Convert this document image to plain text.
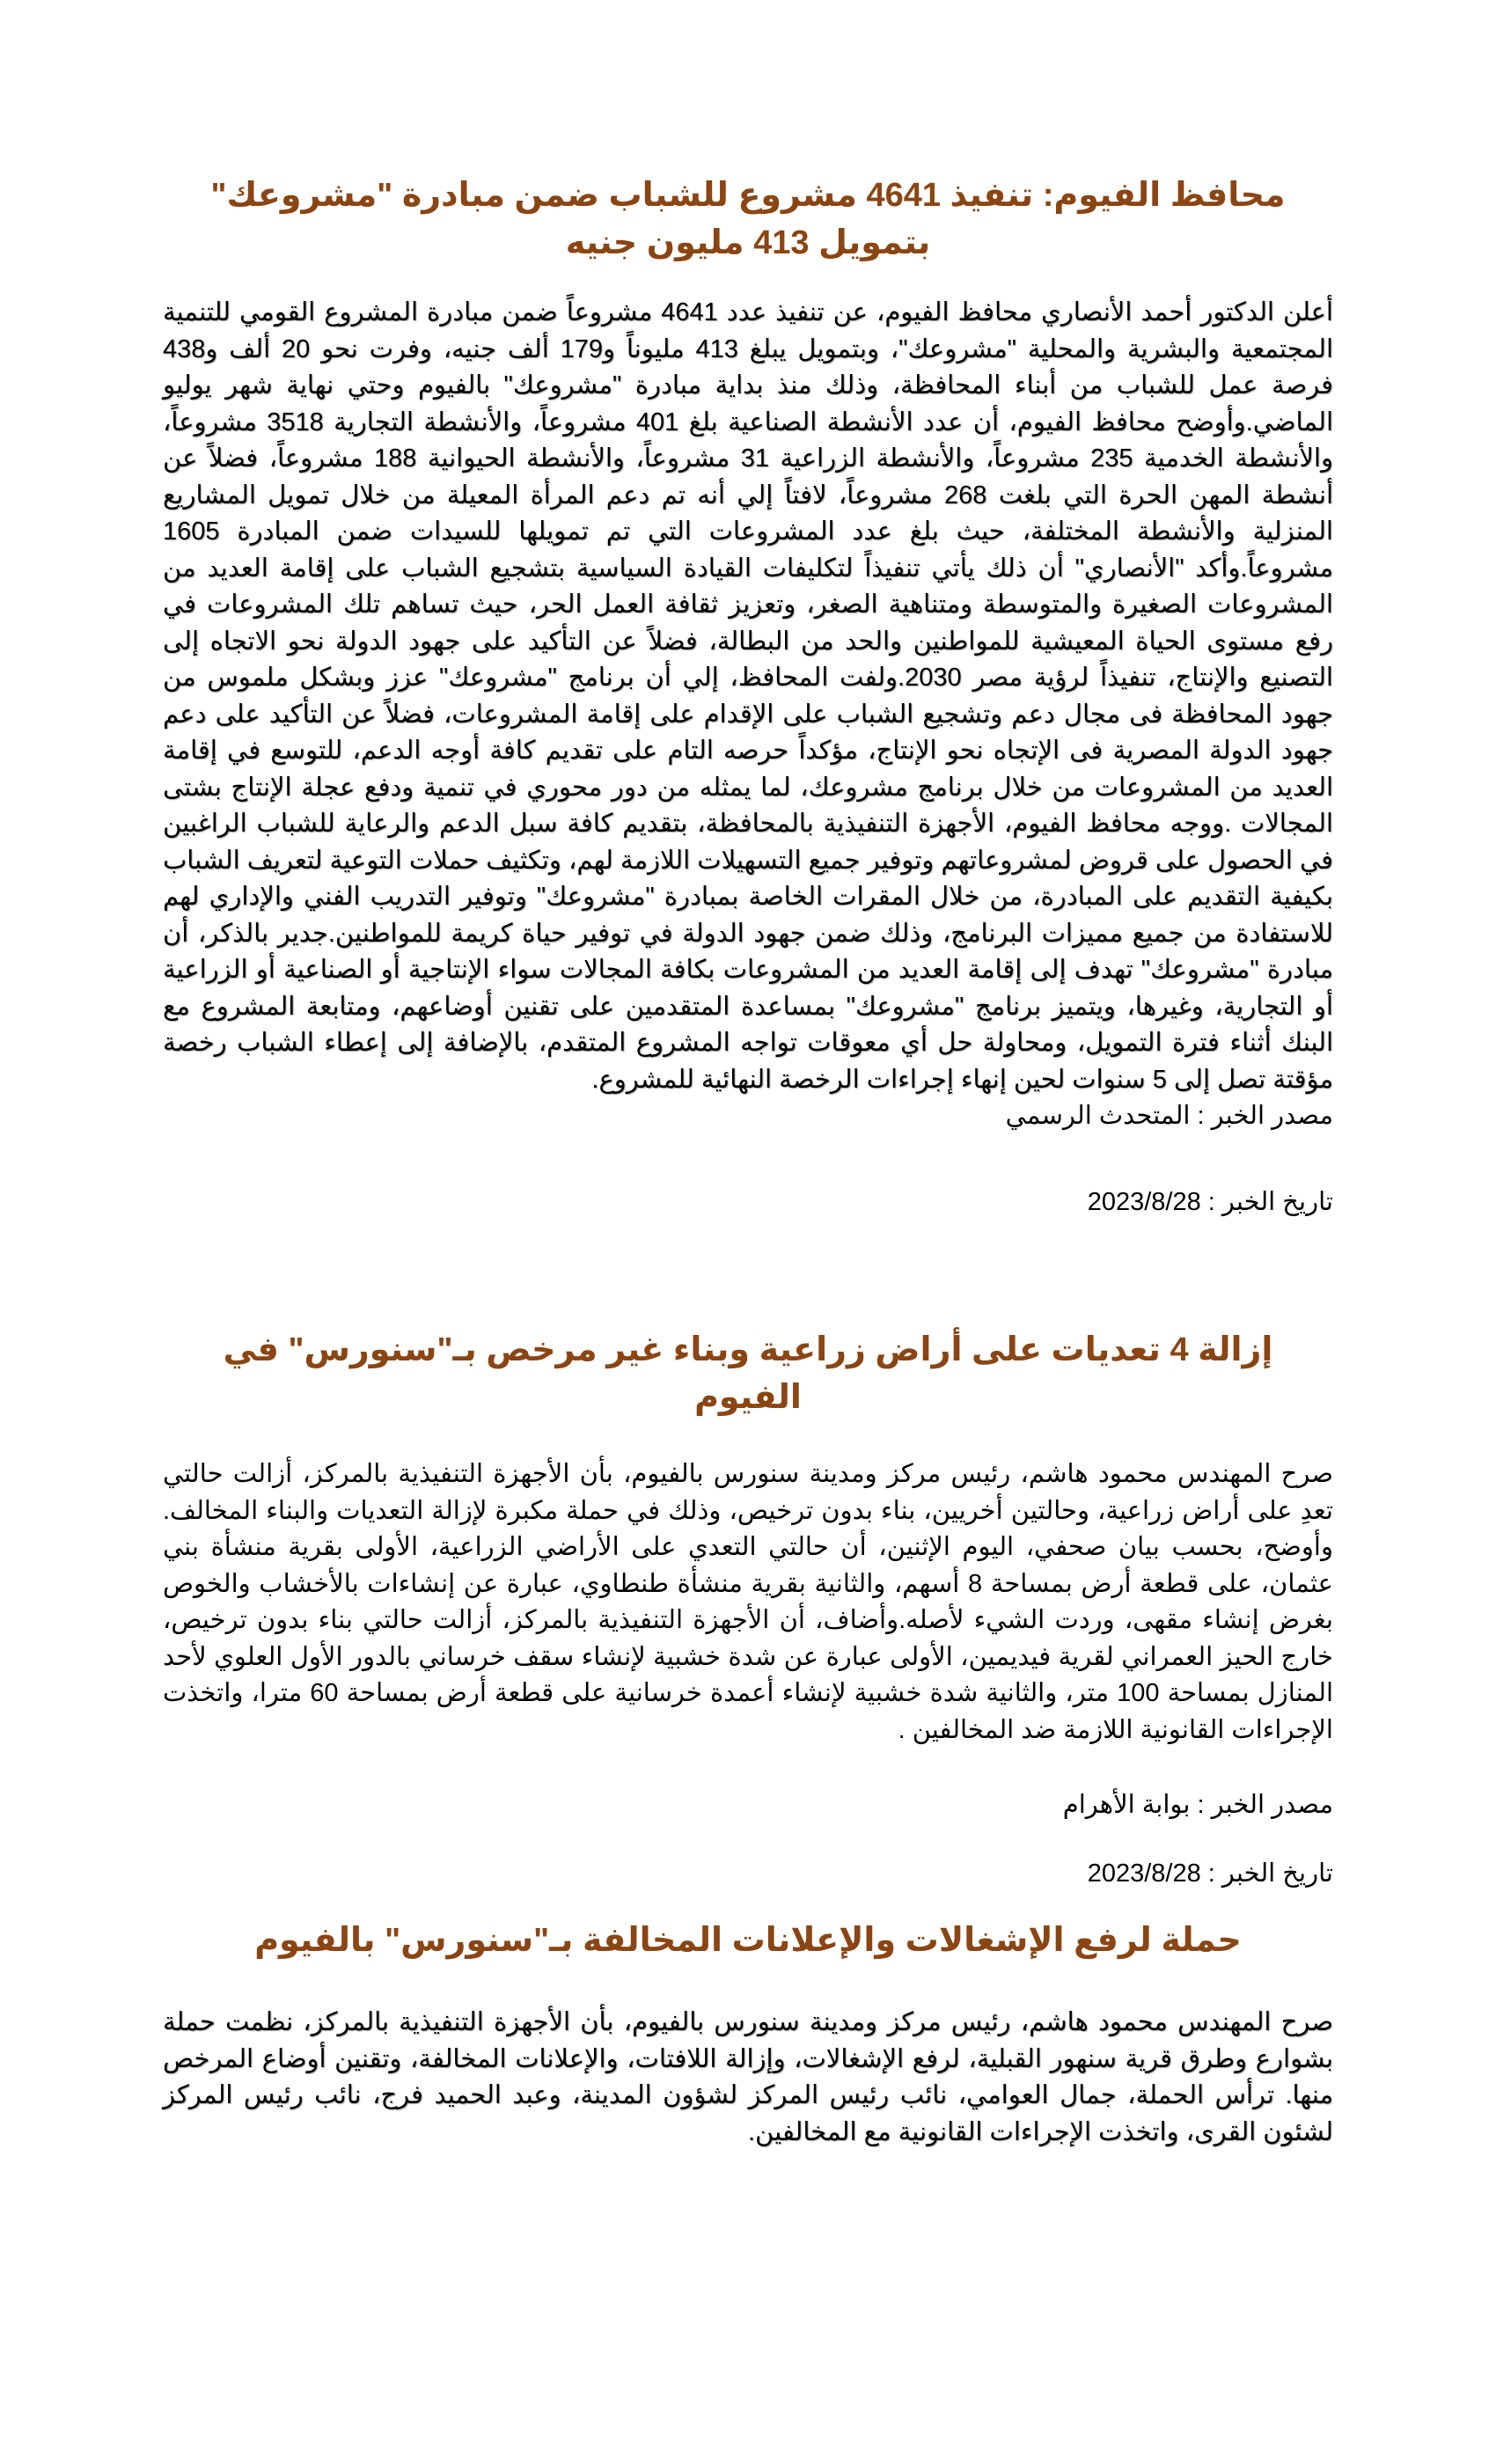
محافظ الفيوم: تنفيذ 4641 مشروع للشباب ضمن مبادرة "مشروعك" بتمويل 413 مليون جنيه

أعلن الدكتور أحمد الأنصاري محافظ الفيوم، عن تنفيذ عدد 4641 مشروعاً ضمن مبادرة المشروع القومي للتنمية المجتمعية والبشرية والمحلية "مشروعك"، وبتمويل يبلغ 413 مليوناً و179 ألف جنيه، وفرت نحو 20 ألف و438 فرصة عمل للشباب من أبناء المحافظة، وذلك منذ بداية مبادرة "مشروعك" بالفيوم وحتي نهاية شهر يوليو الماضي.وأوضح محافظ الفيوم، أن عدد الأنشطة الصناعية بلغ 401 مشروعاً، والأنشطة التجارية 3518 مشروعاً، والأنشطة الخدمية 235 مشروعاً، والأنشطة الزراعية 31 مشروعاً، والأنشطة الحيوانية 188 مشروعاً، فضلاً عن أنشطة المهن الحرة التي بلغت 268 مشروعاً، لافتاً إلي أنه تم دعم المرأة المعيلة من خلال تمويل المشاريع المنزلية والأنشطة المختلفة، حيث بلغ عدد المشروعات التي تم تمويلها للسيدات ضمن المبادرة 1605 مشروعاً.وأكد "الأنصاري" أن ذلك يأتي تنفيذاً لتكليفات القيادة السياسية بتشجيع الشباب على إقامة العديد من المشروعات الصغيرة والمتوسطة ومتناهية الصغر، وتعزيز ثقافة العمل الحر، حيث تساهم تلك المشروعات في رفع مستوى الحياة المعيشية للمواطنين والحد من البطالة، فضلاً عن التأكيد على جهود الدولة نحو الاتجاه إلى التصنيع والإنتاج، تنفيذاً لرؤية مصر 2030.ولفت المحافظ، إلي أن برنامج "مشروعك" عزز وبشكل ملموس من جهود المحافظة فى مجال دعم وتشجيع الشباب على الإقدام على إقامة المشروعات، فضلاً عن التأكيد على دعم جهود الدولة المصرية فى الإتجاه نحو الإنتاج، مؤكداً حرصه التام على تقديم كافة أوجه الدعم، للتوسع في إقامة العديد من المشروعات من خلال برنامج مشروعك، لما يمثله من دور محوري في تنمية ودفع عجلة الإنتاج بشتى المجالات .ووجه محافظ الفيوم، الأجهزة التنفيذية بالمحافظة، بتقديم كافة سبل الدعم والرعاية للشباب الراغبين في الحصول على قروض لمشروعاتهم وتوفير جميع التسهيلات اللازمة لهم، وتكثيف حملات التوعية لتعريف الشباب بكيفية التقديم على المبادرة، من خلال المقرات الخاصة بمبادرة "مشروعك" وتوفير التدريب الفني والإداري لهم للاستفادة من جميع مميزات البرنامج، وذلك ضمن جهود الدولة في توفير حياة كريمة للمواطنين.جدير بالذكر، أن مبادرة "مشروعك" تهدف إلى إقامة العديد من المشروعات بكافة المجالات سواء الإنتاجية أو الصناعية أو الزراعية أو التجارية، وغيرها، ويتميز برنامج "مشروعك" بمساعدة المتقدمين على تقنين أوضاعهم، ومتابعة المشروع مع البنك أثناء فترة التمويل، ومحاولة حل أي معوقات تواجه المشروع المتقدم، بالإضافة إلى إعطاء الشباب رخصة مؤقتة تصل إلى 5 سنوات لحين إنهاء إجراءات الرخصة النهائية للمشروع.

مصدر الخبر : المتحدث الرسمي

تاريخ الخبر : 2023/8/28

إزالة 4 تعديات على أراض زراعية وبناء غير مرخص بـ"سنورس" في الفيوم

صرح المهندس محمود هاشم، رئيس مركز ومدينة سنورس بالفيوم، بأن الأجهزة التنفيذية بالمركز، أزالت حالتي تعدِ على أراض زراعية، وحالتين أخريين، بناء بدون ترخيص، وذلك في حملة مكبرة لإزالة التعديات والبناء المخالف. وأوضح، بحسب بيان صحفي، اليوم الإثنين، أن حالتي التعدي على الأراضي الزراعية، الأولى بقرية منشأة بني عثمان، على قطعة أرض بمساحة 8 أسهم، والثانية بقرية منشأة طنطاوي، عبارة عن إنشاءات بالأخشاب والخوص بغرض إنشاء مقهى، وردت الشيء لأصله.وأضاف، أن الأجهزة التنفيذية بالمركز، أزالت حالتي بناء بدون ترخيص، خارج الحيز العمراني لقرية فيديمين، الأولى عبارة عن شدة خشبية لإنشاء سقف خرساني بالدور الأول العلوي لأحد المنازل بمساحة 100 متر، والثانية شدة خشبية لإنشاء أعمدة خرسانية على قطعة أرض بمساحة 60 مترا، واتخذت الإجراءات القانونية اللازمة ضد المخالفين .

مصدر الخبر : بوابة الأهرام

تاريخ الخبر : 2023/8/28

حملة لرفع الإشغالات والإعلانات المخالفة بـ"سنورس" بالفيوم

صرح المهندس محمود هاشم، رئيس مركز ومدينة سنورس بالفيوم، بأن الأجهزة التنفيذية بالمركز، نظمت حملة بشوارع وطرق قرية سنهور القبلية، لرفع الإشغالات، وإزالة اللافتات، والإعلانات المخالفة، وتقنين أوضاع المرخص منها. ترأس الحملة، جمال العوامي، نائب رئيس المركز لشؤون المدينة، وعبد الحميد فرج، نائب رئيس المركز لشئون القرى، واتخذت الإجراءات القانونية مع المخالفين.
